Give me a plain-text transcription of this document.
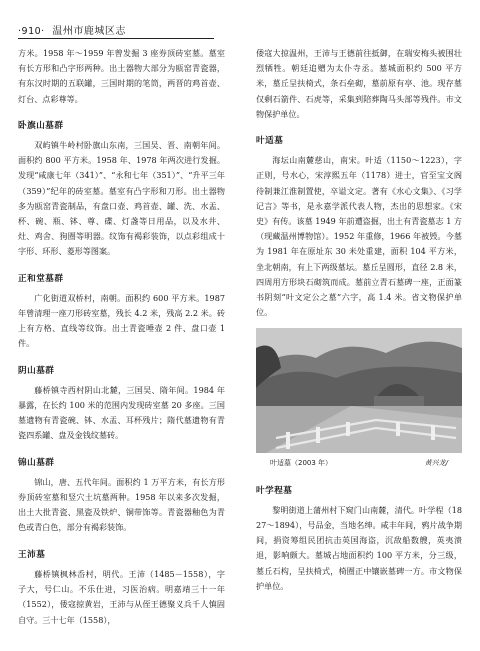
·910· 温州市鹿城区志

方米。1958 年～1959 年曾发掘 3 座券顶砖室墓。墓室有长方形和凸字形两种。出土器物大部分为瓯窑青瓷器，有东汉时期的五联罐，三国时期的笔筒，两晋的鸡首壶、灯台、点彩尊等。

卧旗山墓群

双屿镇牛岭村卧旗山东南，三国吴、晋、南朝年间。面积约 800 平方米。1958 年、1978 年两次进行发掘。发现“咸康七年（341）”、“永和七年（351）”、“升平三年（359）”纪年的砖室墓。墓室有凸字形和刀形。出土器物多为瓯窑青瓷制品，有盘口壶、鸡首壶、罐、洗、水盂、杯、碗、瓶、钵、尊、碟、灯盏等日用品，以及水井、灶、鸡舍、狗圈等明器。纹饰有褐彩装饰，以点彩组成十字形、环形、菱形等图案。

正和堂墓群

广化街道双桥村，南朝。面积约 600 平方米。1987 年曾清理一座刀形砖室墓，残长 4.2 米，残高 2.2 米。砖上有方格、直线等纹饰。出土青瓷唾壶 2 件、盘口壶 1 件。

阴山墓群

藤桥镇寺西村阴山北麓，三国吴、隋年间。1984 年暴露，在长约 100 米的范围内发现砖室墓 20 多座。三国墓遗物有青瓷碗、钵、水盂、耳杯残片；隋代墓遗物有青瓷四系罐、盘及金钱纹墓砖。

锦山墓群

锦山，唐、五代年间。面积约 1 万平方米，有长方形券顶砖室墓和竖穴土坑墓两种。1958 年以来多次发掘，出土大批青瓷、黑瓷及铁炉、铜带饰等。青瓷器釉色为青色或青白色，部分有褐彩装饰。

王沛墓

藤桥镇枫林岙村，明代。王沛（1485－1558），字子大，号仁山。不乐仕进，习医治病。明嘉靖三十一年（1552），倭寇掠黄岩，王沛与从侄王德聚义兵千人慎固自守。三十七年（1558），

倭寇大掠温州，王沛与王德前往抵御，在瑞安梅头被围壮烈牺牲。朝廷追赠为太仆寺丞。墓城面积约 500 平方米，墓丘呈扶椅式，条石垒砌，墓前原有亭、池。现存墓仅剩石箭件、石虎等，采集到陪葬陶马头部等残件。市文物保护单位。

叶适墓

海坛山南麓慈山，南宋。叶适（1150～1223），字正则，号水心，宋淳熙五年（1178）进士，官至宝文阁待制兼江淮制置使，卒谥文定。著有《水心文集》、《习学记言》等书，是永嘉学派代表人物，杰出的思想家。《宋史》有传。该墓 1949 年前遭盗掘，出土有青瓷墓志 1 方（现藏温州博物馆）。1952 年重修，1966 年被毁。今墓为 1981 年在原址东 30 米处重建，面积 104 平方米，坐北朝南，有上下两级墓坛。墓丘呈圆形，直径 2.8 米，四周用方形块石砌筑而成。墓前立青石墓碑一座，正面篆书阴刻“叶文定公之墓”六字，高 1.4 米。省文物保护单位。

叶适墓（2003 年）	黄兴龙/
叶学程墓

黎明街道上蒲州村下窥门山南麓，清代。叶学程（1827～1894），号品金，当地名绅。咸丰年间，鸦片战争期间，捐资筹组民团抗击英国海盗，沉敌船数艘，英夷溃退，影响颇大。墓城占地面积约 100 平方米，分三级，墓丘石构，呈扶椅式，椅圈正中镶嵌墓碑一方。市文物保护单位。
